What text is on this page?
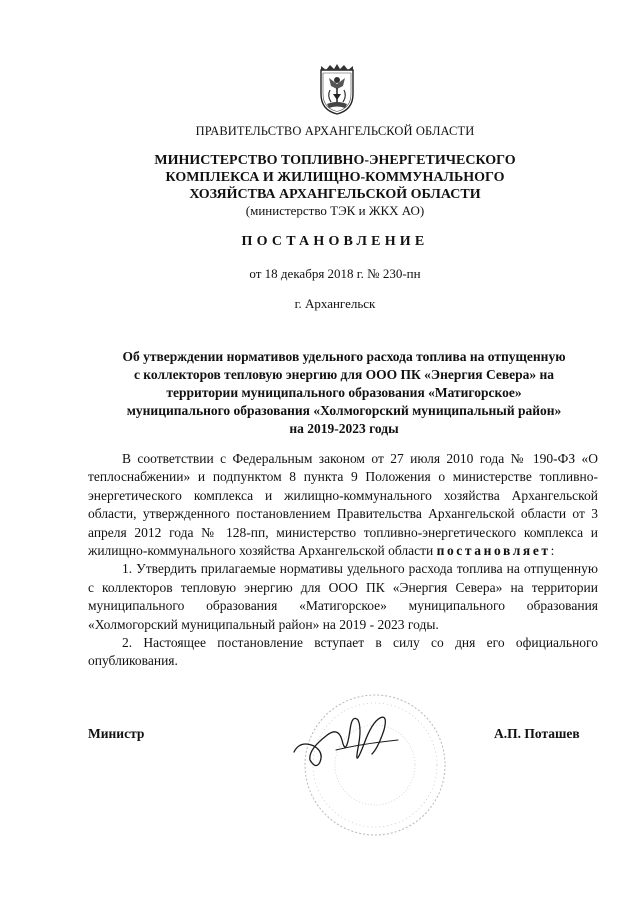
ПРАВИТЕЛЬСТВО АРХАНГЕЛЬСКОЙ ОБЛАСТИ
МИНИСТЕРСТВО ТОПЛИВНО-ЭНЕРГЕТИЧЕСКОГО
КОМПЛЕКСА И ЖИЛИЩНО-КОММУНАЛЬНОГО
ХОЗЯЙСТВА АРХАНГЕЛЬСКОЙ ОБЛАСТИ
(министерство ТЭК и ЖКХ АО)
ПОСТАНОВЛЕНИЕ
от 18 декабря 2018 г. № 230-пн
г. Архангельск
Об утверждении нормативов удельного расхода топлива на отпущенную
с коллекторов тепловую энергию для ООО ПК «Энергия Севера» на
территории муниципального образования «Матигорское»
муниципального образования «Холмогорский муниципальный район»
на 2019-2023 годы

В соответствии с Федеральным законом от 27 июля 2010 года № 190-ФЗ «О теплоснабжении» и подпунктом 8 пункта 9 Положения о министерстве топливно-энергетического комплекса и жилищно-коммунального хозяйства Архангельской области, утвержденного постановлением Правительства Архангельской области от 3 апреля 2012 года № 128-пп, министерство топливно-энергетического комплекса и жилищно-коммунального хозяйства Архангельской области постановляет:

1. Утвердить прилагаемые нормативы удельного расхода топлива на отпущенную с коллекторов тепловую энергию для ООО ПК «Энергия Севера» на территории муниципального образования «Матигорское» муниципального образования «Холмогорский муниципальный район» на 2019 - 2023 годы.

2. Настоящее постановление вступает в силу со дня его официального опубликования.

Министр	А.П. Поташев
